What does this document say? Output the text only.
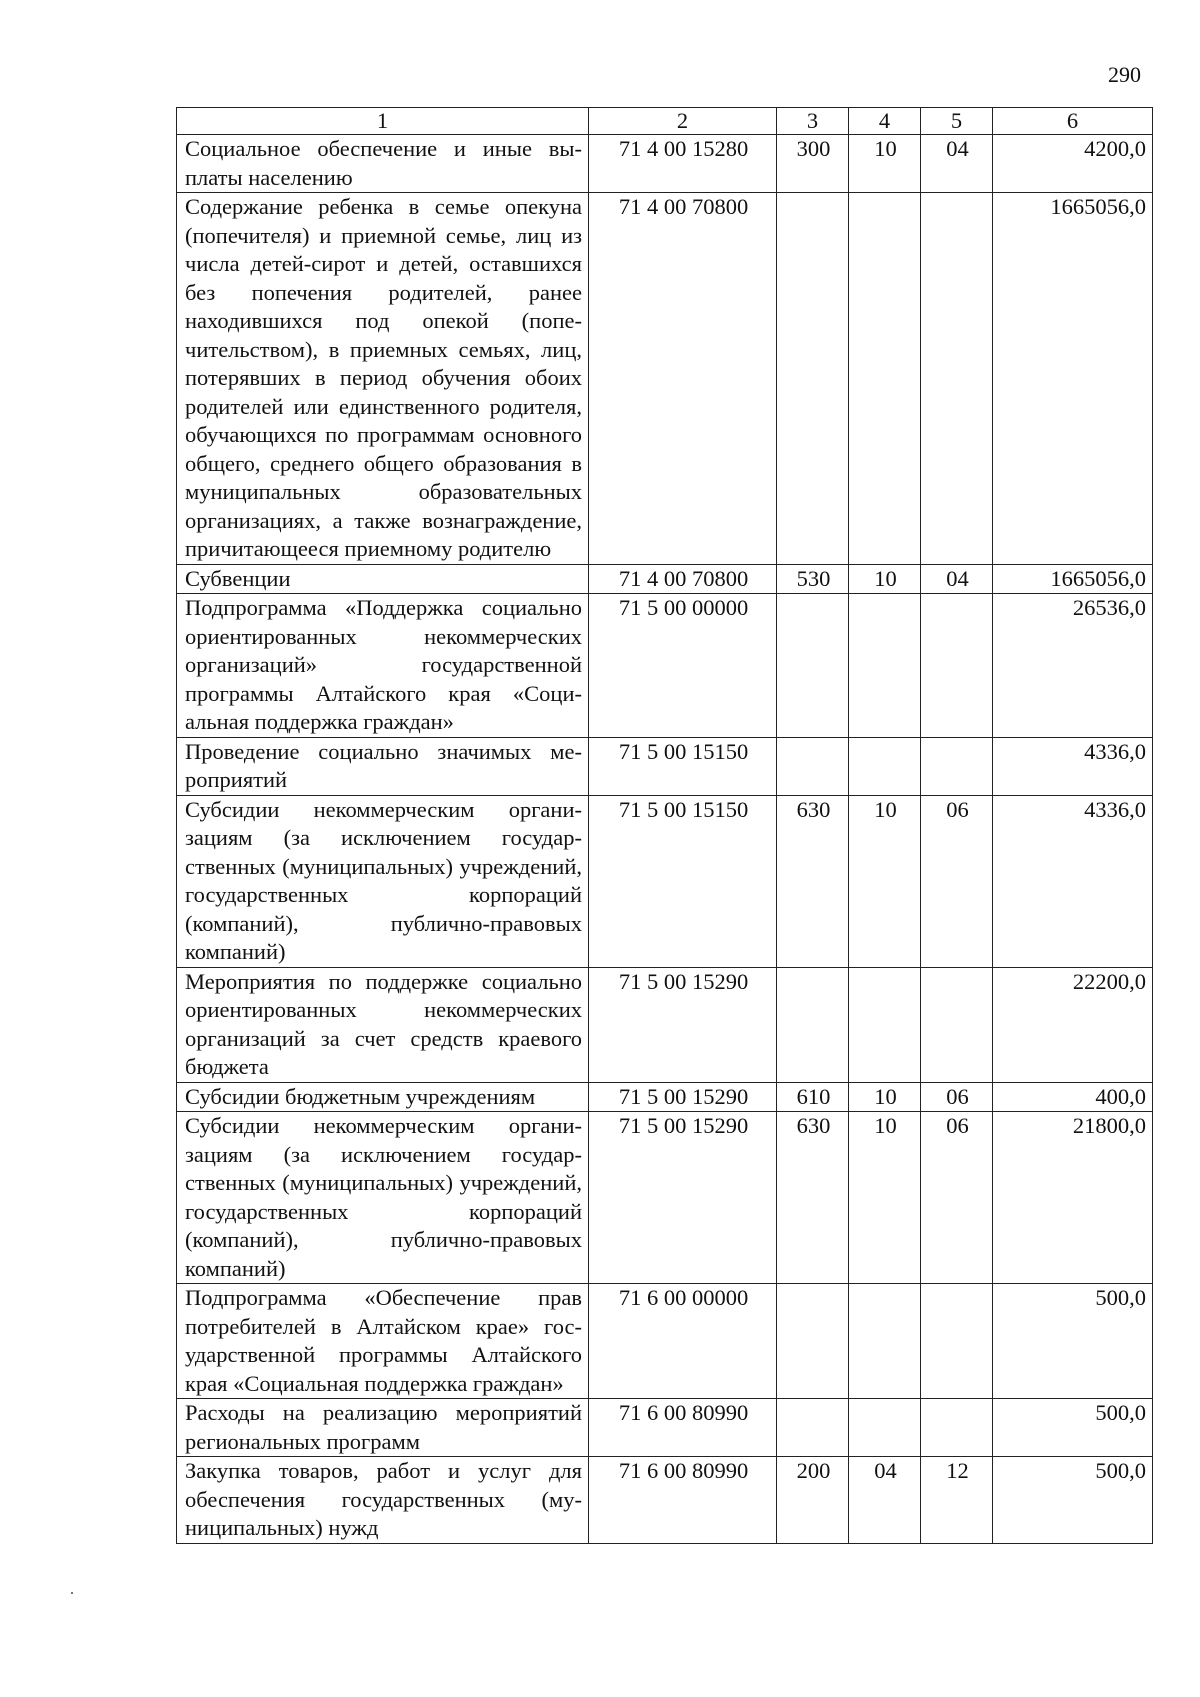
290
1	2	3	4	5	6
Социальное обеспечение и иные выплаты населению	71 4 00 15280	300	10	04	4200,0
Содержание ребенка в семье опекуна (попечителя) и приемной семье, лиц из числа детей-сирот и детей, оставшихся без попечения родителей, ранее находившихся под опекой (попечительством), в приемных семьях, лиц, потерявших в период обучения обоих родителей или единственного родителя, обучающихся по программам основного общего, среднего общего образования в муниципальных образовательных организациях, а также вознаграждение, причитающееся приемному родителю	71 4 00 70800				1665056,0
Субвенции	71 4 00 70800	530	10	04	1665056,0
Подпрограмма «Поддержка социально ориентированных некоммерческих организаций» государственной программы Алтайского края «Социальная поддержка граждан»	71 5 00 00000				26536,0
Проведение социально значимых мероприятий	71 5 00 15150				4336,0
Субсидии некоммерческим организациям (за исключением государственных (муниципальных) учреждений, государственных корпораций (компаний), публично-правовых компаний)	71 5 00 15150	630	10	06	4336,0
Мероприятия по поддержке социально ориентированных некоммерческих организаций за счет средств краевого бюджета	71 5 00 15290				22200,0
Субсидии бюджетным учреждениям	71 5 00 15290	610	10	06	400,0
Субсидии некоммерческим организациям (за исключением государственных (муниципальных) учреждений, государственных корпораций (компаний), публично-правовых компаний)	71 5 00 15290	630	10	06	21800,0
Подпрограмма «Обеспечение прав потребителей в Алтайском крае» государственной программы Алтайского края «Социальная поддержка граждан»	71 6 00 00000				500,0
Расходы на реализацию мероприятий региональных программ	71 6 00 80990				500,0
Закупка товаров, работ и услуг для обеспечения государственных (муниципальных) нужд	71 6 00 80990	200	04	12	500,0
